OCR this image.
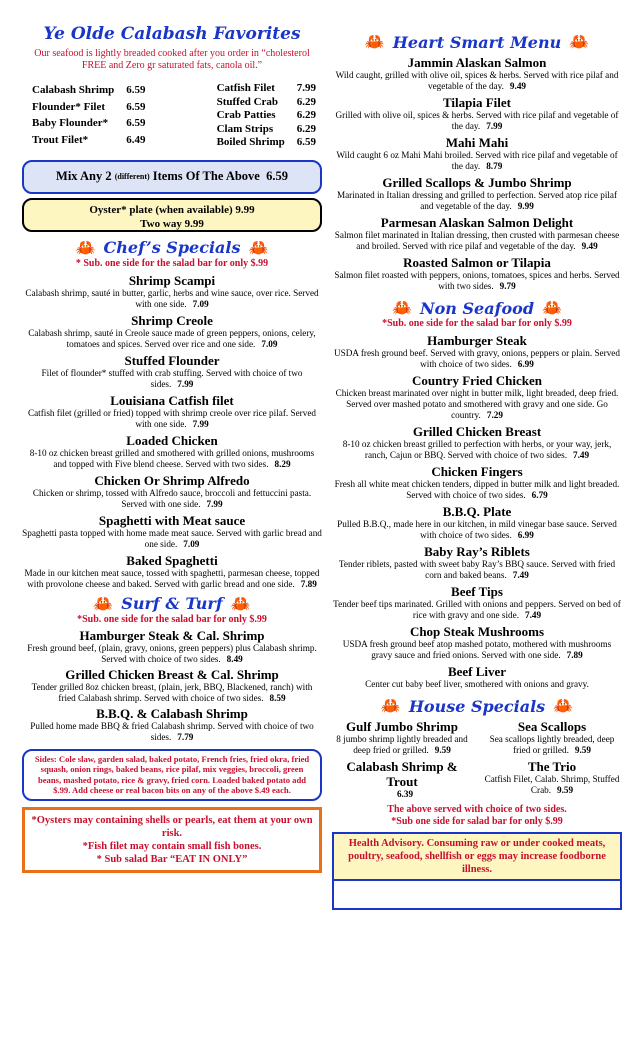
Ye Olde Calabash Favorites
Our seafood is lightly breaded cooked after you order in “cholesterol FREE and Zero gr saturated fats, canola oil.”
Calabash Shrimp	6.59
Flounder* Filet	6.59
Baby Flounder*	6.59
Trout Filet*	6.49
Catfish Filet	7.99
Stuffed Crab	6.29
Crab Patties	6.29
Clam Strips	6.29
Boiled Shrimp	6.59
Mix Any 2
(different)
Items Of The Above
6.59
Oyster* plate (when available) 9.99
Two way 9.99
🦀 Chef’s Specials 🦀
* Sub. one side for the salad bar for only $.99
Shrimp Scampi
Calabash shrimp, sauté in butter, garlic, herbs and wine sauce, over rice. Served with one side. 7.09
Shrimp Creole
Calabash shrimp, sauté in Creole sauce made of green peppers, onions, celery, tomatoes and spices. Served over rice and one side. 7.09
Stuffed Flounder
Filet of flounder* stuffed with crab stuffing. Served with choice of two sides. 7.99
Louisiana Catfish filet
Catfish filet (grilled or fried) topped with shrimp creole over rice pilaf. Served with one side. 7.99
Loaded Chicken
8-10 oz chicken breast grilled and smothered with grilled onions, mushrooms and topped with Five blend cheese. Served with two sides. 8.29
Chicken Or Shrimp Alfredo
Chicken or shrimp, tossed with Alfredo sauce, broccoli and fettuccini pasta. Served with one side. 7.99
Spaghetti with Meat sauce
Spaghetti pasta topped with home made meat sauce. Served with garlic bread and one side. 7.09
Baked Spaghetti
Made in our kitchen meat sauce, tossed with spaghetti, parmesan cheese, topped with provolone cheese and baked. Served with garlic bread and one side. 7.89
🦀 Surf & Turf 🦀
*Sub. one side for the salad bar for only $.99
Hamburger Steak & Cal. Shrimp
Fresh ground beef, (plain, gravy, onions, green peppers) plus Calabash shrimp. Served with choice of two sides. 8.49
Grilled Chicken Breast & Cal. Shrimp
Tender grilled 8oz chicken breast, (plain, jerk, BBQ, Blackened, ranch) with fried Calabash shrimp. Served with choice of two sides. 8.59
B.B.Q. & Calabash Shrimp
Pulled home made BBQ & fried Calabash shrimp. Served with choice of two sides. 7.79
Sides: Cole slaw, garden salad, baked potato, French fries, fried okra, fried squash, onion rings, baked beans, rice pilaf, mix veggies, broccoli, green beans, mashed potato, rice & gravy, fried corn. Loaded baked potato add $.99. Add cheese or real bacon bits on any of the above $.49 each.
*Oysters may containing shells or pearls, eat them at your own risk.
*Fish filet may contain small fish bones.
* Sub salad Bar “EAT IN ONLY”
🦀 Heart Smart Menu 🦀
Jammin Alaskan Salmon
Wild caught, grilled with olive oil, spices & herbs. Served with rice pilaf and vegetable of the day. 9.49
Tilapia Filet
Grilled with olive oil, spices & herbs. Served with rice pilaf and vegetable of the day. 7.99
Mahi Mahi
Wild caught 6 oz Mahi Mahi broiled. Served with rice pilaf and vegetable of the day. 8.79
Grilled Scallops & Jumbo Shrimp
Marinated in Italian dressing and grilled to perfection. Served atop rice pilaf and vegetable of the day. 9.99
Parmesan Alaskan Salmon Delight
Salmon filet marinated in Italian dressing, then crusted with parmesan cheese and broiled. Served with rice pilaf and vegetable of the day. 9.49
Roasted Salmon or Tilapia
Salmon filet roasted with peppers, onions, tomatoes, spices and herbs. Served with two sides. 9.79
🦀 Non Seafood 🦀
*Sub. one side for the salad bar for only $.99
Hamburger Steak
USDA fresh ground beef. Served with gravy, onions, peppers or plain. Served with choice of two sides. 6.99
Country Fried Chicken
Chicken breast marinated over night in butter milk, light breaded, deep fried. Served over mashed potato and smothered with gravy and one side. Go country. 7.29
Grilled Chicken Breast
8-10 oz chicken breast grilled to perfection with herbs, or your way, jerk, ranch, Cajun or BBQ. Served with choice of two sides. 7.49
Chicken Fingers
Fresh all white meat chicken tenders, dipped in butter milk and light breaded. Served with choice of two sides. 6.79
B.B.Q. Plate
Pulled B.B.Q., made here in our kitchen, in mild vinegar base sauce. Served with choice of two sides. 6.99
Baby Ray’s Riblets
Tender riblets, pasted with sweet baby Ray’s BBQ sauce. Served with fried corn and baked beans. 7.49
Beef Tips
Tender beef tips marinated. Grilled with onions and peppers. Served on bed of rice with gravy and one side. 7.49
Chop Steak Mushrooms
USDA fresh ground beef atop mashed potato, mothered with mushrooms gravy sauce and fried onions. Served with one side. 7.89
Beef Liver
Center cut baby beef liver, smothered with onions and gravy.
🦀 House Specials 🦀
Gulf Jumbo Shrimp
8 jumbo shrimp lightly breaded and deep fried or grilled. 9.59
Calabash Shrimp & Trout
6.39
Sea Scallops
Sea scallops lightly breaded, deep fried or grilled. 9.59
The Trio
Catfish Filet, Calab. Shrimp, Stuffed Crab. 9.59
The above served with choice of two sides.
*Sub one side for salad bar for only $.99
Health Advisory. Consuming raw or under cooked meats, poultry, seafood, shellfish or eggs may increase foodborne illness.
